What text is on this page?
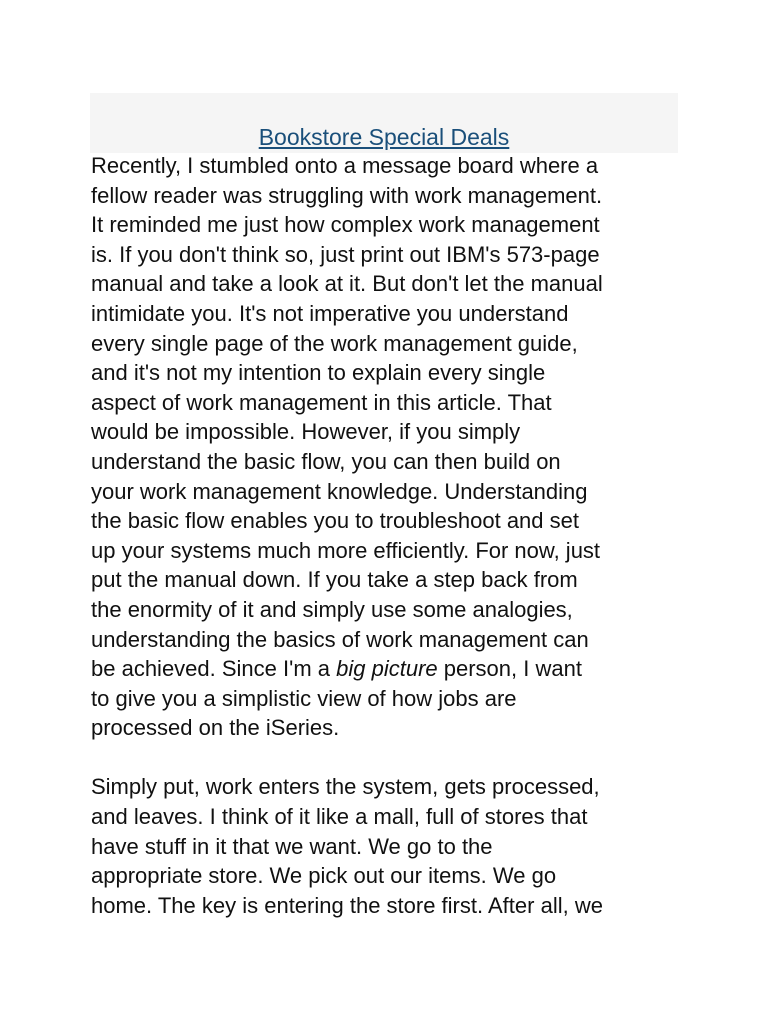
Bookstore Special Deals
Recently, I stumbled onto a message board where a
fellow reader was struggling with work management.
It reminded me just how complex work management
is. If you don't think so, just print out IBM's 573-page
manual and take a look at it. But don't let the manual
intimidate you. It's not imperative you understand
every single page of the work management guide,
and it's not my intention to explain every single
aspect of work management in this article. That
would be impossible. However, if you simply
understand the basic flow, you can then build on
your work management knowledge. Understanding
the basic flow enables you to troubleshoot and set
up your systems much more efficiently. For now, just
put the manual down. If you take a step back from
the enormity of it and simply use some analogies,
understanding the basics of work management can
be achieved. Since I'm a big picture person, I want
to give you a simplistic view of how jobs are
processed on the iSeries.
Simply put, work enters the system, gets processed,
and leaves. I think of it like a mall, full of stores that
have stuff in it that we want. We go to the
appropriate store. We pick out our items. We go
home. The key is entering the store first. After all, we
